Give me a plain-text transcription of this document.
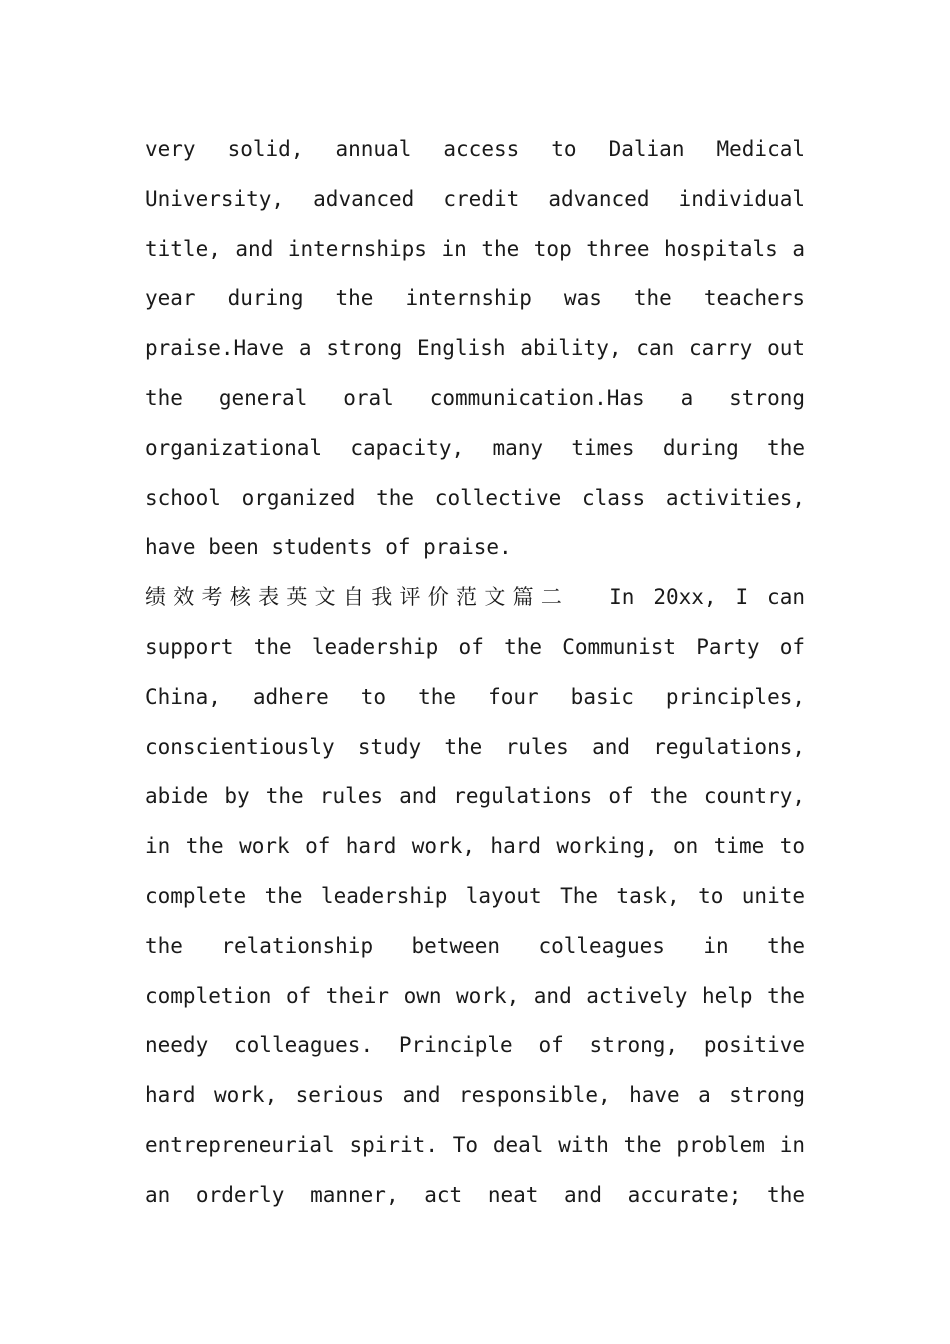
very solid, annual access to Dalian Medical
University, advanced credit advanced individual
title, and internships in the top three hospitals a
year during the internship was the teachers
praise.Have a strong English ability, can carry out
the general oral communication.Has a strong
organizational capacity, many times during the
school organized the collective class activities,
have been students of praise.
绩效考核表英文自我评价范文篇二 In 20xx, I can
support the leadership of the Communist Party of
China, adhere to the four basic principles,
conscientiously study the rules and regulations,
abide by the rules and regulations of the country,
in the work of hard work, hard working, on time to
complete the leadership layout The task, to unite
the relationship between colleagues in the
completion of their own work, and actively help the
needy colleagues. Principle of strong, positive
hard work, serious and responsible, have a strong
entrepreneurial spirit. To deal with the problem in
an orderly manner, act neat and accurate; the
